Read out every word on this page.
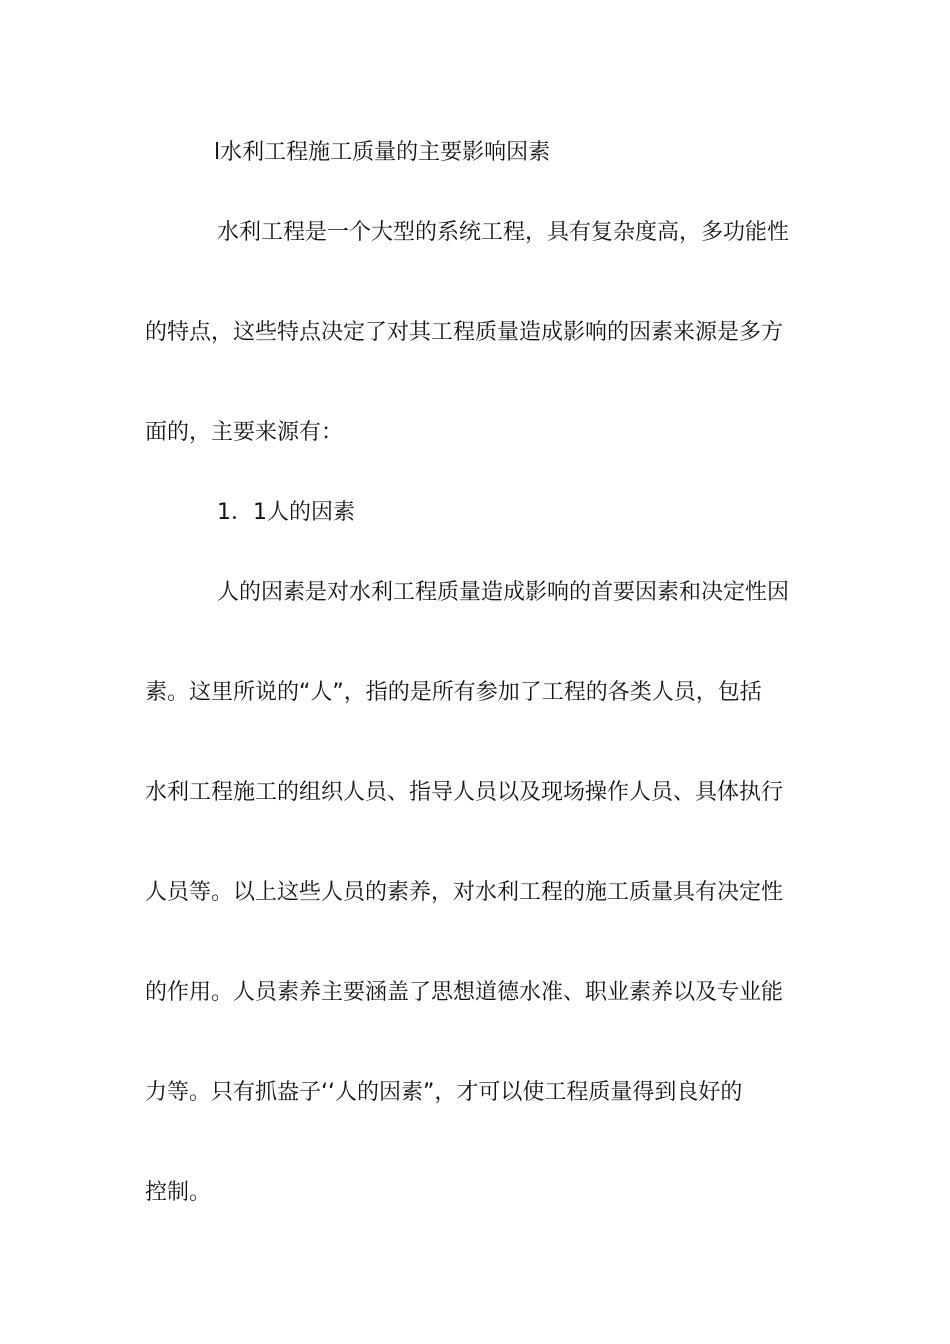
l水利工程施工质量的主要影响因素
水利工程是一个大型的系统工程，具有复杂度高，多功能性
的特点，这些特点决定了对其工程质量造成影响的因素来源是多方
面的，主要来源有：
1．1人的因素
人的因素是对水利工程质量造成影响的首要因素和决定性因
素。这里所说的“人”，指的是所有参加了工程的各类人员，包括
水利工程施工的组织人员、指导人员以及现场操作人员、具体执行
人员等。以上这些人员的素养，对水利工程的施工质量具有决定性
的作用。人员素养主要涵盖了思想道德水准、职业素养以及专业能
力等。只有抓盎子‘‘人的因素”，才可以使工程质量得到良好的
控制。
